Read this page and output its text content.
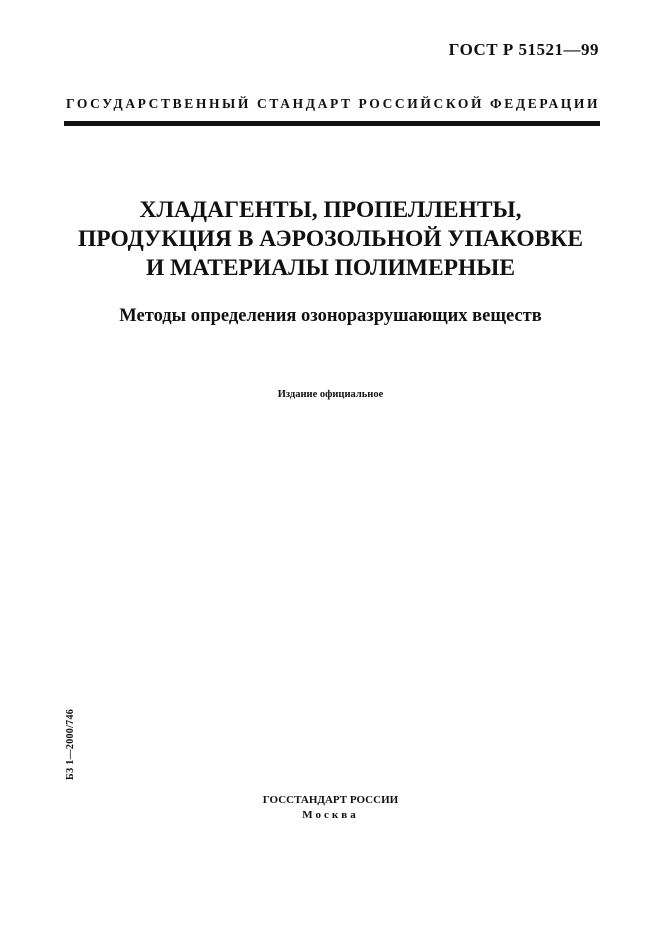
ГОСТ Р 51521—99
ГОСУДАРСТВЕННЫЙ СТАНДАРТ РОССИЙСКОЙ ФЕДЕРАЦИИ
ХЛАДАГЕНТЫ, ПРОПЕЛЛЕНТЫ,
ПРОДУКЦИЯ В АЭРОЗОЛЬНОЙ УПАКОВКЕ
И МАТЕРИАЛЫ ПОЛИМЕРНЫЕ
Методы определения озоноразрушающих веществ
Издание официальное
БЗ 1—2000/746
ГОССТАНДАРТ РОССИИ
Москва
